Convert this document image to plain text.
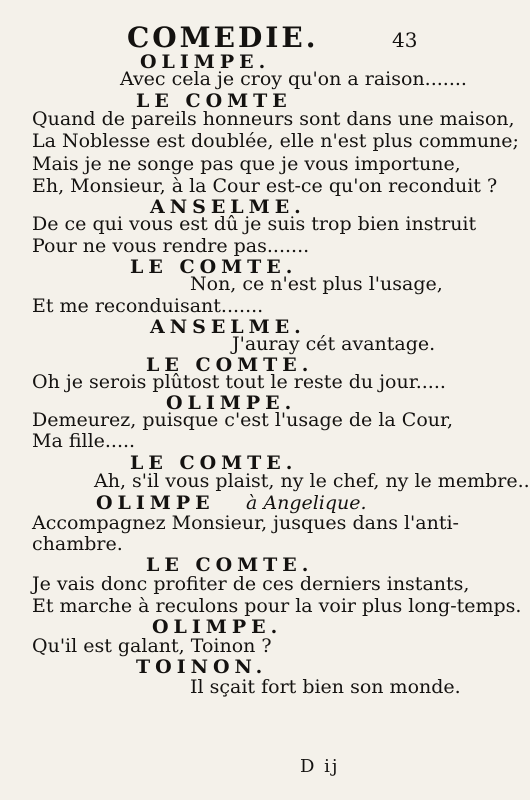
COMEDIE.	43
OLIMPE.
Avec cela je croy qu'on a raison.......
LE COMTE
Quand de pareils honneurs sont dans une maison,
La Noblesse est doublée, elle n'est plus commune;
Mais je ne songe pas que je vous importune,
Eh, Monsieur, à la Cour est-ce qu'on reconduit ?
ANSELME.
De ce qui vous est dû je suis trop bien instruit
Pour ne vous rendre pas.......
LE COMTE.
Non, ce n'est plus l'usage,
Et me reconduisant.......
ANSELME.
J'auray cét avantage.
LE COMTE.
Oh je serois plûtost tout le reste du jour.....
OLIMPE.
Demeurez, puisque c'est l'usage de la Cour,
Ma fille.....
LE COMTE.
Ah, s'il vous plaist, ny le chef, ny le membre..
OLIMPE à Angelique.
Accompagnez Monsieur, jusques dans l'anti-
chambre.
LE COMTE.
Je vais donc profiter de ces derniers instants,
Et marche à reculons pour la voir plus long-temps.
OLIMPE.
Qu'il est galant, Toinon ?
TOINON.
Il sçait fort bien son monde.
D ij
